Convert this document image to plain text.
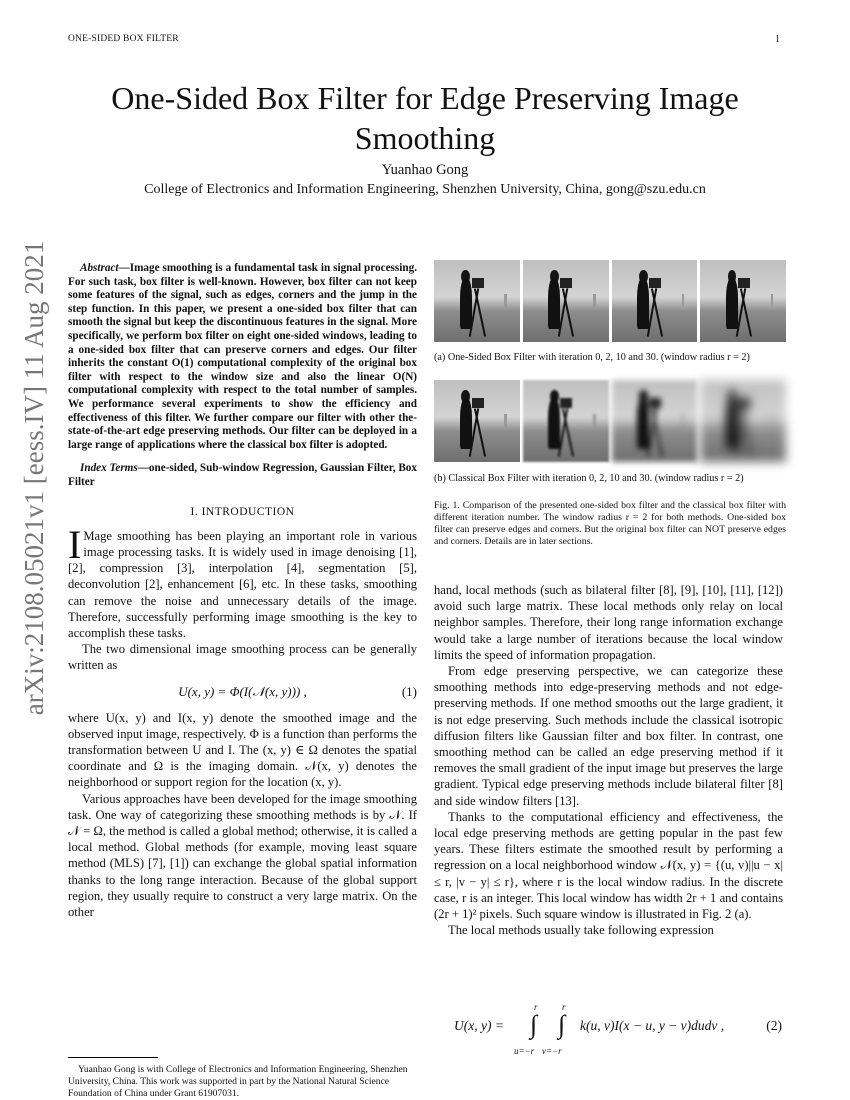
ONE-SIDED BOX FILTER	1
arXiv:2108.05021v1 [eess.IV] 11 Aug 2021
One-Sided Box Filter for Edge Preserving Image Smoothing
Yuanhao Gong
College of Electronics and Information Engineering, Shenzhen University, China, gong@szu.edu.cn

Abstract—Image smoothing is a fundamental task in signal processing. For such task, box filter is well-known. However, box filter can not keep some features of the signal, such as edges, corners and the jump in the step function. In this paper, we present a one-sided box filter that can smooth the signal but keep the discontinuous features in the signal. More specifically, we perform box filter on eight one-sided windows, leading to a one-sided box filter that can preserve corners and edges. Our filter inherits the constant O(1) computational complexity of the original box filter with respect to the window size and also the linear O(N) computational complexity with respect to the total number of samples. We performance several experiments to show the efficiency and effectiveness of this filter. We further compare our filter with other the-state-of-the-art edge preserving methods. Our filter can be deployed in a large range of applications where the classical box filter is adopted.

Index Terms—one-sided, Sub-window Regression, Gaussian Filter, Box Filter

I. INTRODUCTION

I Mage smoothing has been playing an important role in various image processing tasks. It is widely used in image denoising [1], [2], compression [3], interpolation [4], segmentation [5], deconvolution [2], enhancement [6], etc. In these tasks, smoothing can remove the noise and unnecessary details of the image. Therefore, successfully performing image smoothing is the key to accomplish these tasks.

The two dimensional image smoothing process can be generally written as

U(x, y) = Φ(I(𝒩(x, y))) ,	(1)

where U(x, y) and I(x, y) denote the smoothed image and the observed input image, respectively. Φ is a function than performs the transformation between U and I. The (x, y) ∈ Ω denotes the spatial coordinate and Ω is the imaging domain. 𝒩(x, y) denotes the neighborhood or support region for the location (x, y).

Various approaches have been developed for the image smoothing task. One way of categorizing these smoothing methods is by 𝒩. If 𝒩 = Ω, the method is called a global method; otherwise, it is called a local method. Global methods (for example, moving least square method (MLS) [7], [1]) can exchange the global spatial information thanks to the long range interaction. Because of the global support region, they usually require to construct a very large matrix. On the other

Yuanhao Gong is with College of Electronics and Information Engineering, Shenzhen University, China. This work was supported in part by the National Natural Science Foundation of China under Grant 61907031.

(a) One-Sided Box Filter with iteration 0, 2, 10 and 30. (window radius r = 2)
(b) Classical Box Filter with iteration 0, 2, 10 and 30. (window radius r = 2)
Fig. 1. Comparison of the presented one-sided box filter and the classical box filter with different iteration number. The window radius r = 2 for both methods. One-sided box filter can preserve edges and corners. But the original box filter can NOT preserve edges and corners. Details are in later sections.

hand, local methods (such as bilateral filter [8], [9], [10], [11], [12]) avoid such large matrix. These local methods only relay on local neighbor samples. Therefore, their long range information exchange would take a large number of iterations because the local window limits the speed of information propagation.

From edge preserving perspective, we can categorize these smoothing methods into edge-preserving methods and not edge-preserving methods. If one method smooths out the large gradient, it is not edge preserving. Such methods include the classical isotropic diffusion filters like Gaussian filter and box filter. In contrast, one smoothing method can be called an edge preserving method if it removes the small gradient of the input image but preserves the large gradient. Typical edge preserving methods include bilateral filter [8] and side window filters [13].

Thanks to the computational efficiency and effectiveness, the local edge preserving methods are getting popular in the past few years. These filters estimate the smoothed result by performing a regression on a local neighborhood window 𝒩(x, y) = {(u, v)||u − x| ≤ r, |v − y| ≤ r}, where r is the local window radius. In the discrete case, r is an integer. This local window has width 2r + 1 and contains (2r + 1)² pixels. Such square window is illustrated in Fig. 2 (a).

The local methods usually take following expression

U(x, y) =
r
∫
u=−r
r
∫
v=−r
k(u, v)I(x − u, y − v)dudv ,	(2)
